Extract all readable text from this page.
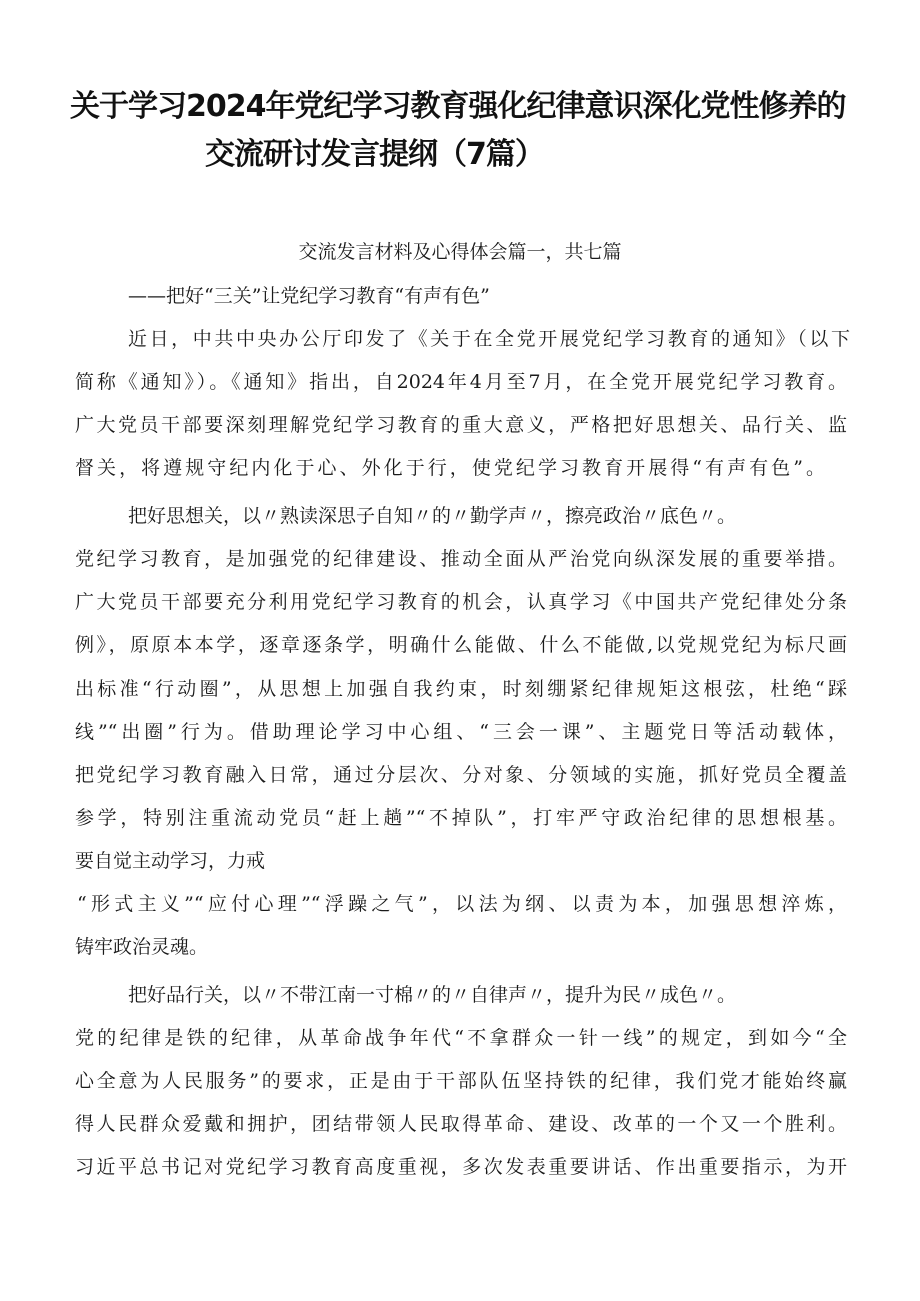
关于学习2024年党纪学习教育强化纪律意识深化党性修养的
交流研讨发言提纲（7篇）
交流发言材料及心得体会篇一，共七篇
——把好“三关”让党纪学习教育“有声有色”
近日，中共中央办公厅印发了《关于在全党开展党纪学习教育的通知》（以下
简称《通知》）。《通知》指出，自2024年4月至7月，在全党开展党纪学习教育。
广大党员干部要深刻理解党纪学习教育的重大意义，严格把好思想关、品行关、监
督关，将遵规守纪内化于心、外化于行，使党纪学习教育开展得“有声有色”。
把好思想关，以〃熟读深思子自知〃的〃勤学声〃，擦亮政治〃底色〃。
党纪学习教育，是加强党的纪律建设、推动全面从严治党向纵深发展的重要举措。
广大党员干部要充分利用党纪学习教育的机会，认真学习《中国共产党纪律处分条
例》，原原本本学，逐章逐条学，明确什么能做、什么不能做,以党规党纪为标尺画
出标准“行动圈”，从思想上加强自我约束，时刻绷紧纪律规矩这根弦，杜绝“踩
线”“出圈”行为。借助理论学习中心组、“三会一课”、主题党日等活动载体，
把党纪学习教育融入日常，通过分层次、分对象、分领域的实施，抓好党员全覆盖
参学，特别注重流动党员“赶上趟”“不掉队”，打牢严守政治纪律的思想根基。
要自觉主动学习，力戒
“形式主义”“应付心理”“浮躁之气”，以法为纲、以责为本，加强思想淬炼，
铸牢政治灵魂。
把好品行关，以〃不带江南一寸棉〃的〃自律声〃，提升为民〃成色〃。
党的纪律是铁的纪律，从革命战争年代“不拿群众一针一线”的规定，到如今“全
心全意为人民服务”的要求，正是由于干部队伍坚持铁的纪律，我们党才能始终赢
得人民群众爱戴和拥护，团结带领人民取得革命、建设、改革的一个又一个胜利。
习近平总书记对党纪学习教育高度重视，多次发表重要讲话、作出重要指示，为开
